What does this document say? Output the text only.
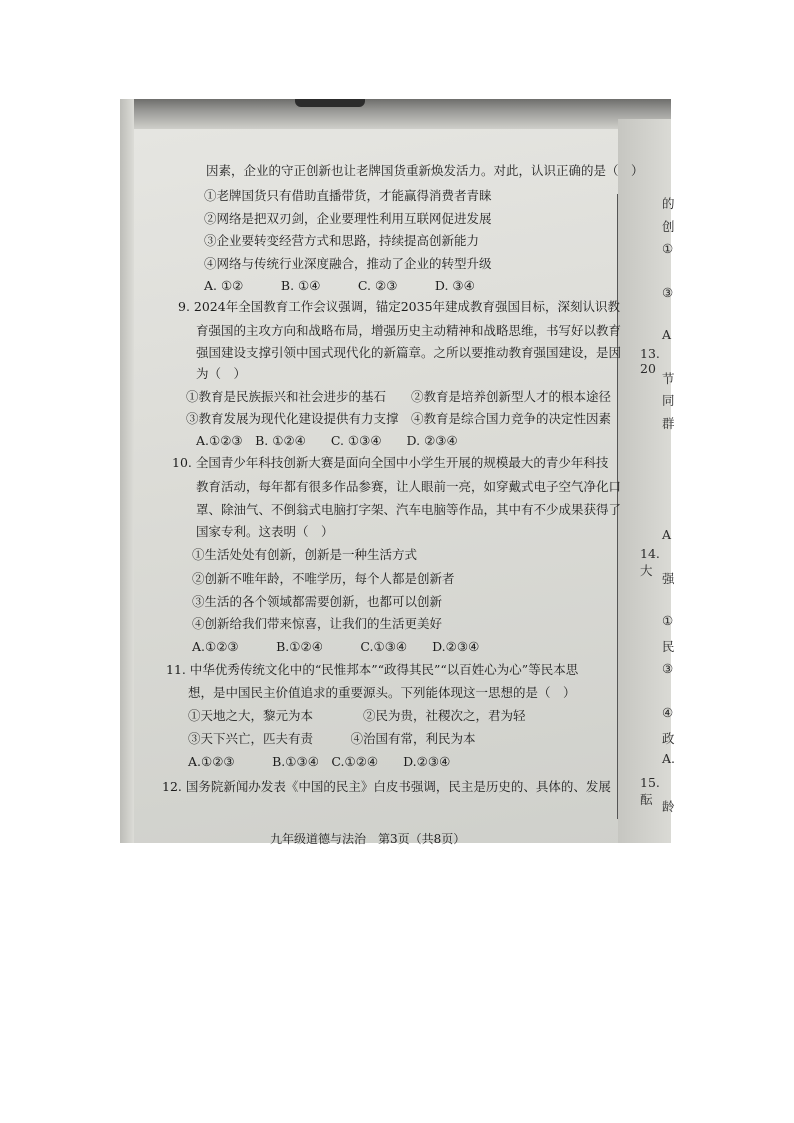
因素，企业的守正创新也让老牌国货重新焕发活力。对此，认识正确的是（　）
①老牌国货只有借助直播带货，才能赢得消费者青睐
②网络是把双刃剑，企业要理性利用互联网促进发展
③企业要转变经营方式和思路，持续提高创新能力
④网络与传统行业深度融合，推动了企业的转型升级
A. ①②　　　B. ①④　　　C. ②③　　　D. ③④
9. 2024年全国教育工作会议强调，锚定2035年建成教育强国目标，深刻认识教
育强国的主攻方向和战略布局，增强历史主动精神和战略思维，书写好以教育
强国建设支撑引领中国式现代化的新篇章。之所以要推动教育强国建设，是因
为（　）
①教育是民族振兴和社会进步的基石　　②教育是培养创新型人才的根本途径
③教育发展为现代化建设提供有力支撑　④教育是综合国力竞争的决定性因素
A.①②③　B. ①②④　　C. ①③④　　D. ②③④
10. 全国青少年科技创新大赛是面向全国中小学生开展的规模最大的青少年科技
教育活动，每年都有很多作品参赛，让人眼前一亮，如穿戴式电子空气净化口
罩、除油气、不倒翁式电脑打字架、汽车电脑等作品，其中有不少成果获得了
国家专利。这表明（　）
①生活处处有创新，创新是一种生活方式
②创新不唯年龄，不唯学历，每个人都是创新者
③生活的各个领域都需要创新，也都可以创新
④创新给我们带来惊喜，让我们的生活更美好
A.①②③　　　B.①②④　　　C.①③④　　D.②③④
11. 中华优秀传统文化中的“民惟邦本”“政得其民”“以百姓心为心”等民本思
想，是中国民主价值追求的重要源头。下列能体现这一思想的是（　）
①天地之大，黎元为本　　　　②民为贵，社稷次之，君为轻
③天下兴亡，匹夫有责　　　④治国有常，利民为本
A.①②③　　　B.①③④　C.①②④　　D.②③④
12. 国务院新闻办发表《中国的民主》白皮书强调，民主是历史的、具体的、发展
的
创
①
③
A
13. 20
节
同
群
A
14. 大
强
①
民
③
④
政
A.
15. 酝 龄
九年级道德与法治　第3页（共8页）
